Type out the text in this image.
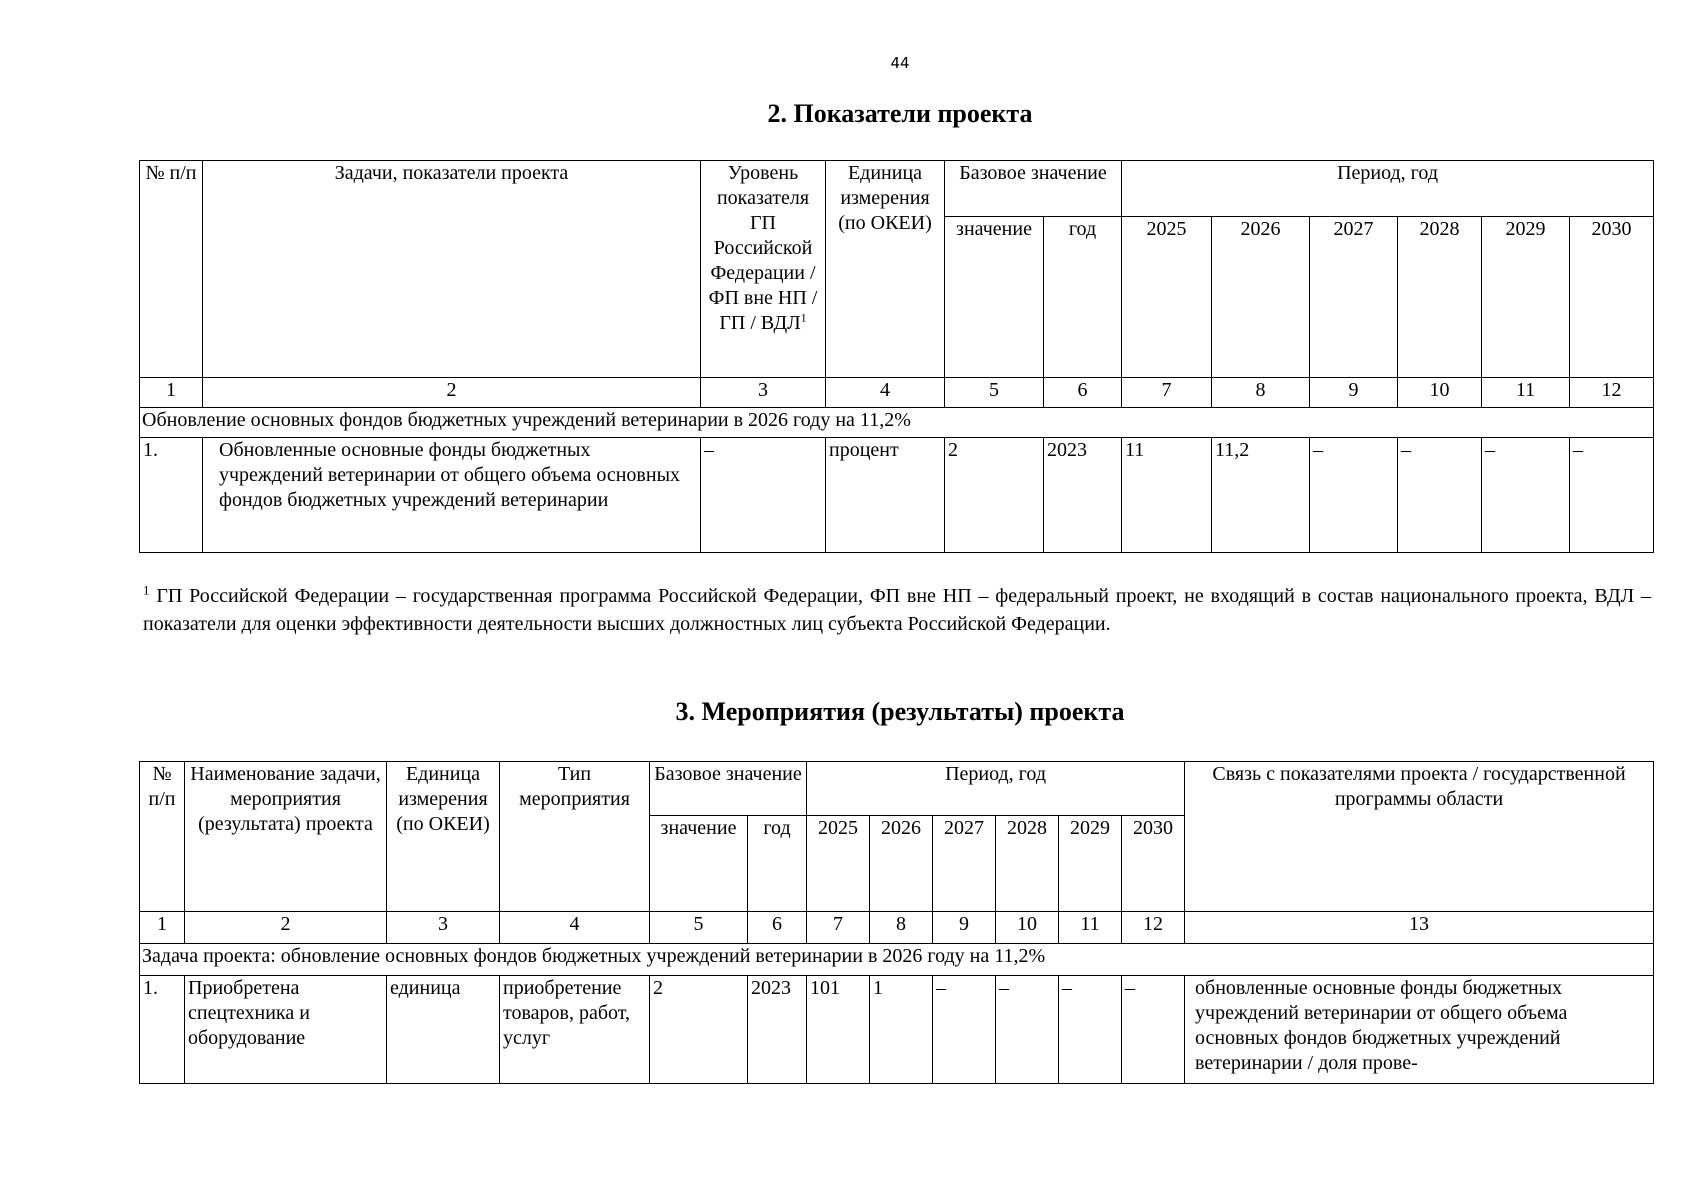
44
2. Показатели проекта
№ п/п	Задачи, показатели проекта	Уровень показателя ГП Российской Федерации / ФП вне НП /ГП / ВДЛ$^1$	Единица измерения (по ОКЕИ)	Базовое значение		Период, год					
				значение	год	2025	2026	2027	2028	2029	2030
1	2	3	4	5	6	7	8	9	10	11	12
Обновление основных фондов бюджетных учреждений ветеринарии в 2026 году на 11,2%											
1.	Обновленные основные фонды бюджетных учреждений ветеринарии от общего объема основных фондов бюджетных учреждений ветеринарии	–	процент	2	2023	11	11,2	–	–	–	–

$^1$ ГП Российской Федерации – государственная программа Российской Федерации, ФП вне НП – федеральный проект, не входящий в состав национального проекта, ВДЛ – показатели для оценки эффективности деятельности высших должностных лиц субъекта Российской Федерации.

3. Мероприятия (результаты) проекта
№ п/п	Наименование задачи, мероприятия (результата) проекта	Единица измерения (по ОКЕИ)	Тип мероприятия	Базовое значение		Период, год						Связь с показателями проекта / государственной программы области
				значение	год	2025	2026	2027	2028	2029	2030	
1	2	3	4	5	6	7	8	9	10	11	12	13
Задача проекта: обновление основных фондов бюджетных учреждений ветеринарии в 2026 году на 11,2%												
1.	Приобретена спецтехника и оборудование	единица	приобретение товаров, работ, услуг	2	2023	101	1	–	–	–	–	обновленные основные фонды бюджетных учреждений ветеринарии от общего объема основных фондов бюджетных учреждений ветеринарии / доля прове-
